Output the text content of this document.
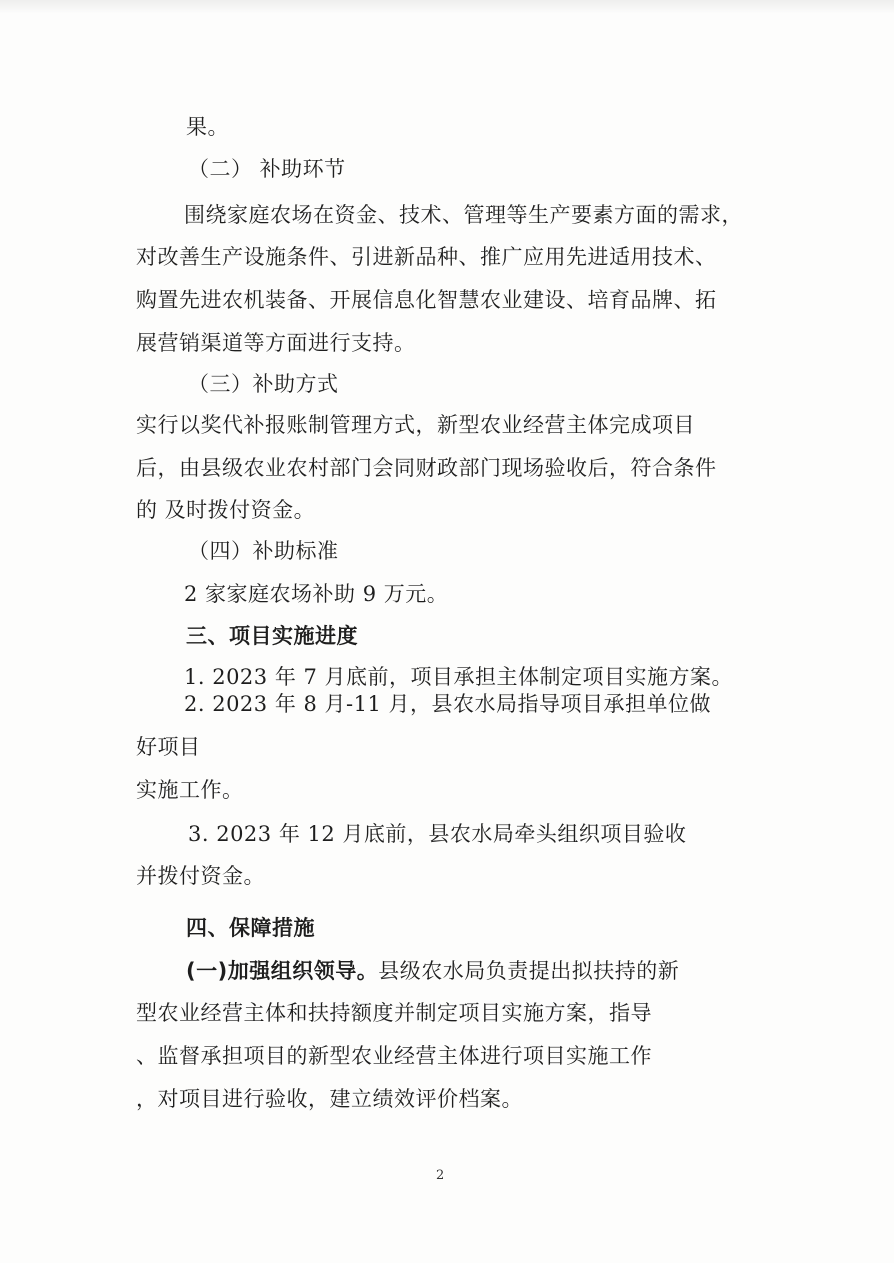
果。
（二） 补助环节
围绕家庭农场在资金、技术、管理等生产要素方面的需求，
对改善生产设施条件、引进新品种、推广应用先进适用技术、
购置先进农机装备、开展信息化智慧农业建设、培育品牌、拓
展营销渠道等方面进行支持。
（三）补助方式
实行以奖代补报账制管理方式，新型农业经营主体完成项目
后，由县级农业农村部门会同财政部门现场验收后，符合条件
的 及时拨付资金。
（四）补助标准
2 家家庭农场补助 9 万元。
三、项目实施进度
1. 2023 年 7 月底前，项目承担主体制定项目实施方案。
2. 2023 年 8 月-11 月，县农水局指导项目承担单位做
好项目
实施工作。
3. 2023 年 12 月底前，县农水局牵头组织项目验收
并拨付资金。
四、保障措施
(一)加强组织领导。县级农水局负责提出拟扶持的新
型农业经营主体和扶持额度并制定项目实施方案，指导
、监督承担项目的新型农业经营主体进行项目实施工作
，对项目进行验收，建立绩效评价档案。
2
